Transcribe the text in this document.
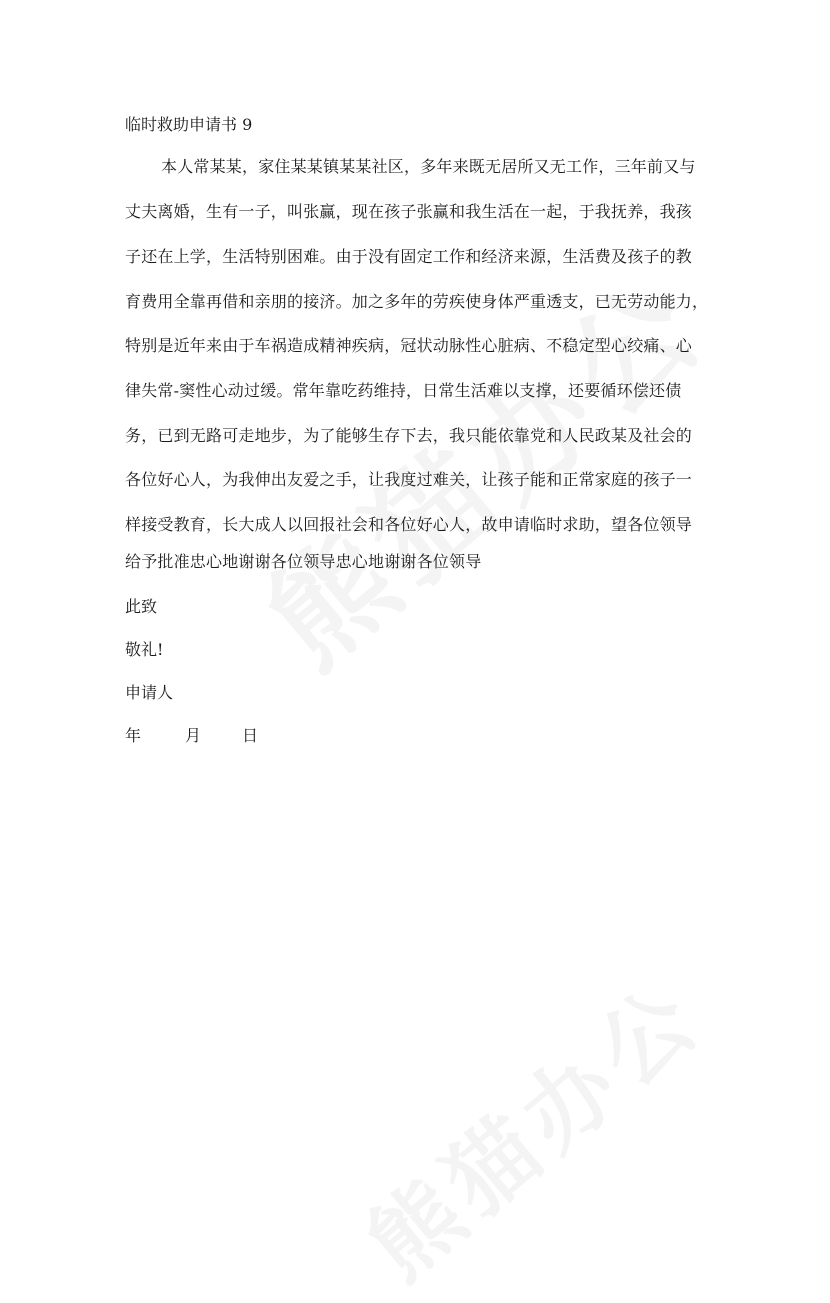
临时救助申请书 9
本人常某某，家住某某镇某某社区，多年来既无居所又无工作，三年前又与
丈夫离婚，生有一子，叫张赢，现在孩子张赢和我生活在一起，于我抚养，我孩
子还在上学，生活特别困难。由于没有固定工作和经济来源，生活费及孩子的教
育费用全靠再借和亲朋的接济。加之多年的劳疾使身体严重透支，已无劳动能力，
特别是近年来由于车祸造成精神疾病，冠状动脉性心脏病、不稳定型心绞痛、心
律失常-窦性心动过缓。常年靠吃药维持，日常生活难以支撑，还要循环偿还债
务，已到无路可走地步，为了能够生存下去，我只能依靠党和人民政某及社会的
各位好心人，为我伸出友爱之手，让我度过难关，让孩子能和正常家庭的孩子一
样接受教育，长大成人以回报社会和各位好心人，故申请临时求助，望各位领导
给予批准忠心地谢谢各位领导忠心地谢谢各位领导
此致
敬礼!
申请人
年	月	日
